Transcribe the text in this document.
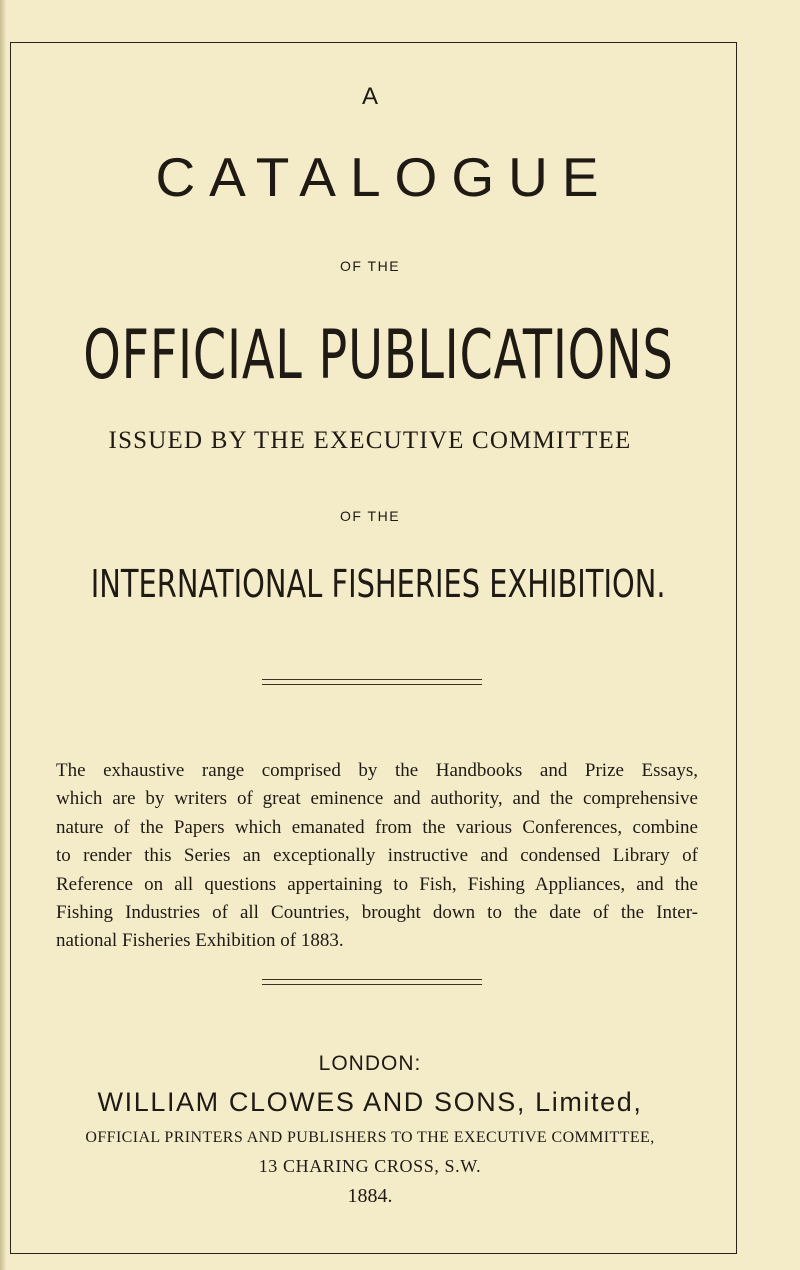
A
CATALOGUE
OF THE
OFFICIAL PUBLICATIONS
ISSUED BY THE EXECUTIVE COMMITTEE
OF THE
INTERNATIONAL FISHERIES EXHIBITION.
The exhaustive range comprised by the Handbooks and Prize Essays,
which are by writers of great eminence and authority, and the comprehensive
nature of the Papers which emanated from the various Conferences, combine
to render this Series an exceptionally instructive and condensed Library of
Reference on all questions appertaining to Fish, Fishing Appliances, and the
Fishing Industries of all Countries, brought down to the date of the Inter-
national Fisheries Exhibition of 1883.
LONDON:
WILLIAM CLOWES AND SONS, Limited,
OFFICIAL PRINTERS AND PUBLISHERS TO THE EXECUTIVE COMMITTEE,
13 CHARING CROSS, S.W.
1884.
